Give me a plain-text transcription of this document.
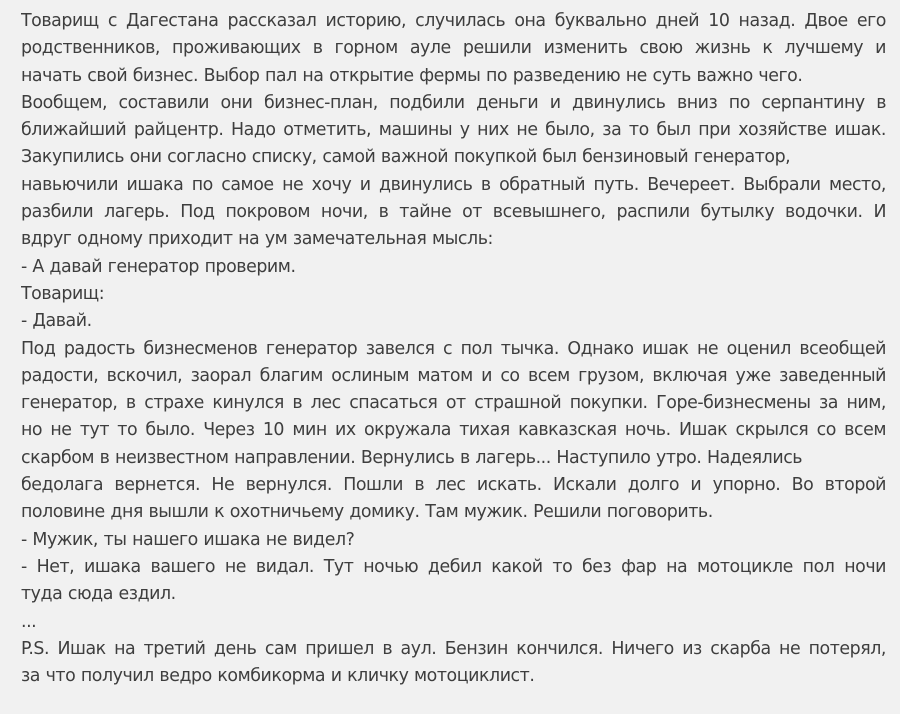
Товарищ с Дагестана рассказал историю, случилась она буквально дней 10 назад. Двое его
родственников, проживающих в горном ауле решили изменить свою жизнь к лучшему и
начать свой бизнес. Выбор пал на открытие фермы по разведению не суть важно чего.
Вообщем, составили они бизнес-план, подбили деньги и двинулись вниз по серпантину в
ближайший райцентр. Надо отметить, машины у них не было, за то был при хозяйстве ишак.
Закупились они согласно списку, самой важной покупкой был бензиновый генератор,
навьючили ишака по самое не хочу и двинулись в обратный путь. Вечереет. Выбрали место,
разбили лагерь. Под покровом ночи, в тайне от всевышнего, распили бутылку водочки. И
вдруг одному приходит на ум замечательная мысль:
- А давай генератор проверим.
Товарищ:
- Давай.
Под радость бизнесменов генератор завелся с пол тычка. Однако ишак не оценил всеобщей
радости, вскочил, заорал благим ослиным матом и со всем грузом, включая уже заведенный
генератор, в страхе кинулся в лес спасаться от страшной покупки. Горе-бизнесмены за ним,
но не тут то было. Через 10 мин их окружала тихая кавказская ночь. Ишак скрылся со всем
скарбом в неизвестном направлении. Вернулись в лагерь... Наступило утро. Надеялись
бедолага вернется. Не вернулся. Пошли в лес искать. Искали долго и упорно. Во второй
половине дня вышли к охотничьему домику. Там мужик. Решили поговорить.
- Мужик, ты нашего ишака не видел?
- Нет, ишака вашего не видал. Тут ночью дебил какой то без фар на мотоцикле пол ночи
туда сюда ездил.
...
P.S. Ишак на третий день сам пришел в аул. Бензин кончился. Ничего из скарба не потерял,
за что получил ведро комбикорма и кличку мотоциклист.
